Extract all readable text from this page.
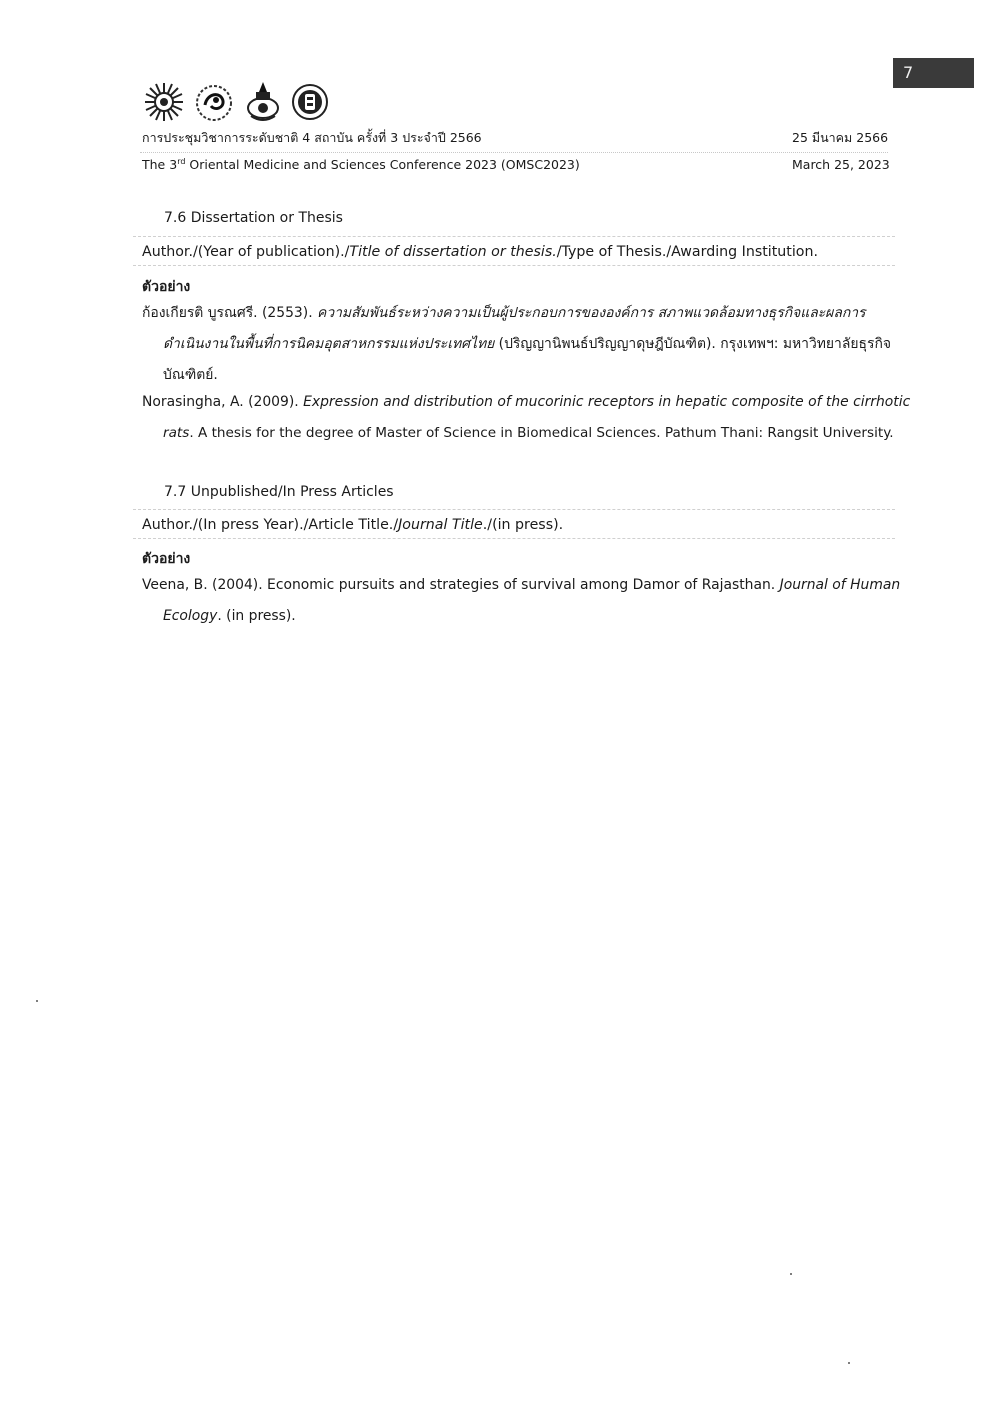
7
การประชุมวิชาการระดับชาติ 4 สถาบัน ครั้งที่ 3 ประจำปี 2566	25 มีนาคม 2566
The 3rd Oriental Medicine and Sciences Conference 2023 (OMSC2023)	March 25, 2023
7.6 Dissertation or Thesis
Author./(Year of publication)./Title of dissertation or thesis./Type of Thesis./Awarding Institution.
ตัวอย่าง
ก้องเกียรติ บูรณศรี. (2553). ความสัมพันธ์ระหว่างความเป็นผู้ประกอบการขององค์การ สภาพแวดล้อมทางธุรกิจและผลการ
ดำเนินงานในพื้นที่การนิคมอุตสาหกรรมแห่งประเทศไทย (ปริญญานิพนธ์ปริญญาดุษฎีบัณฑิต). กรุงเทพฯ: มหาวิทยาลัยธุรกิจ
บัณฑิตย์.
Norasingha, A. (2009). Expression and distribution of mucorinic receptors in hepatic composite of the cirrhotic
rats. A thesis for the degree of Master of Science in Biomedical Sciences. Pathum Thani: Rangsit University.
7.7 Unpublished/In Press Articles
Author./(In press Year)./Article Title./Journal Title./(in press).
ตัวอย่าง
Veena, B. (2004). Economic pursuits and strategies of survival among Damor of Rajasthan. Journal of Human
Ecology. (in press).
